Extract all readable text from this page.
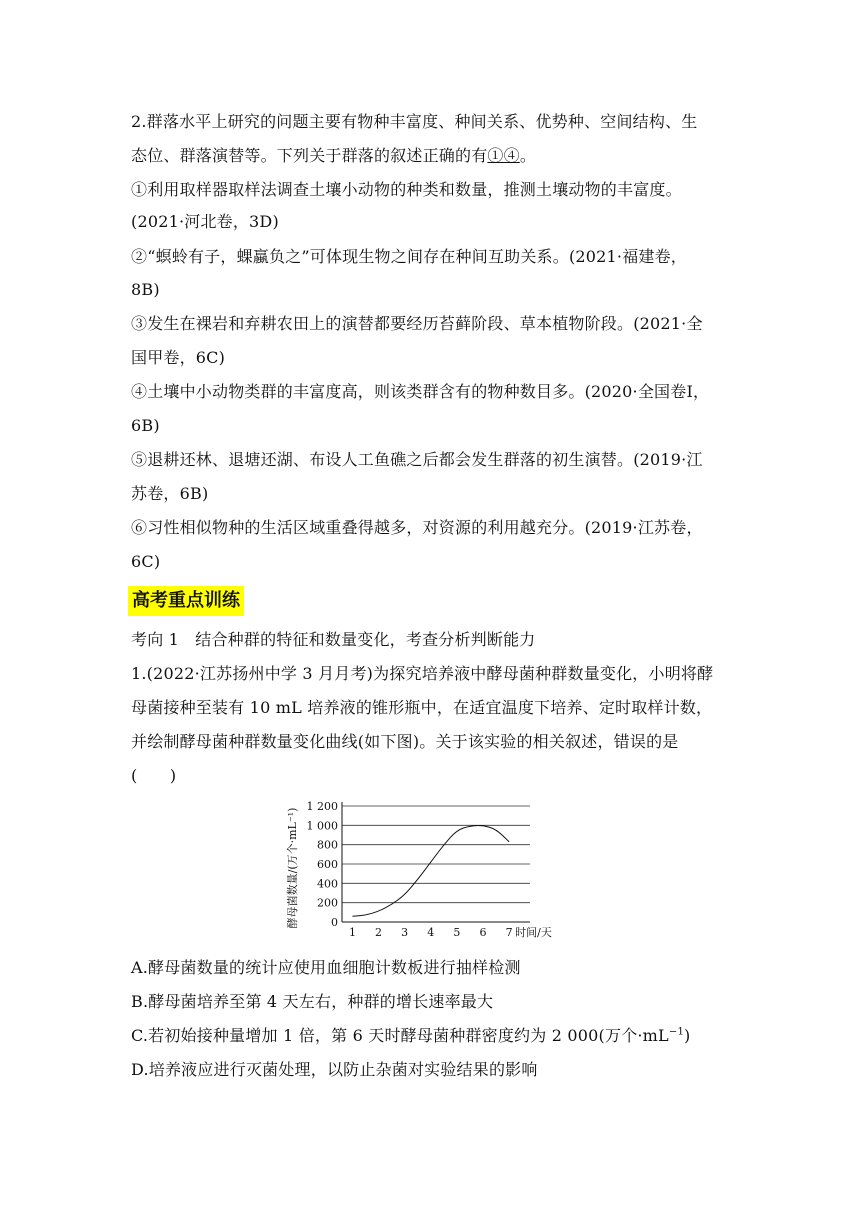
2.群落水平上研究的问题主要有物种丰富度、种间关系、优势种、空间结构、生
态位、群落演替等。下列关于群落的叙述正确的有①④。
①利用取样器取样法调查土壤小动物的种类和数量，推测土壤动物的丰富度。
(2021·河北卷，3D)
②“螟蛉有子，蜾蠃负之”可体现生物之间存在种间互助关系。(2021·福建卷，
8B)
③发生在裸岩和弃耕农田上的演替都要经历苔藓阶段、草本植物阶段。(2021·全
国甲卷，6C)
④土壤中小动物类群的丰富度高，则该类群含有的物种数目多。(2020·全国卷Ⅰ，
6B)
⑤退耕还林、退塘还湖、布设人工鱼礁之后都会发生群落的初生演替。(2019·江
苏卷，6B)
⑥习性相似物种的生活区域重叠得越多，对资源的利用越充分。(2019·江苏卷，
6C)
高考重点训练
考向 1　结合种群的特征和数量变化，考查分析判断能力
1.(2022·江苏扬州中学 3 月月考)为探究培养液中酵母菌种群数量变化，小明将酵
母菌接种至装有 10 mL 培养液的锥形瓶中，在适宜温度下培养、定时取样计数，
并绘制酵母菌种群数量变化曲线(如下图)。关于该实验的相关叙述，错误的是
(　　)
0
200
400
600
800
1 000
1 200
1 2 3 4 5 6 7 时间/天
酵母菌数量/(万个·mL⁻¹)
A.酵母菌数量的统计应使用血细胞计数板进行抽样检测
B.酵母菌培养至第 4 天左右，种群的增长速率最大
C.若初始接种量增加 1 倍，第 6 天时酵母菌种群密度约为 2 000(万个$\cdot mL^{-1}$)
D.培养液应进行灭菌处理，以防止杂菌对实验结果的影响
